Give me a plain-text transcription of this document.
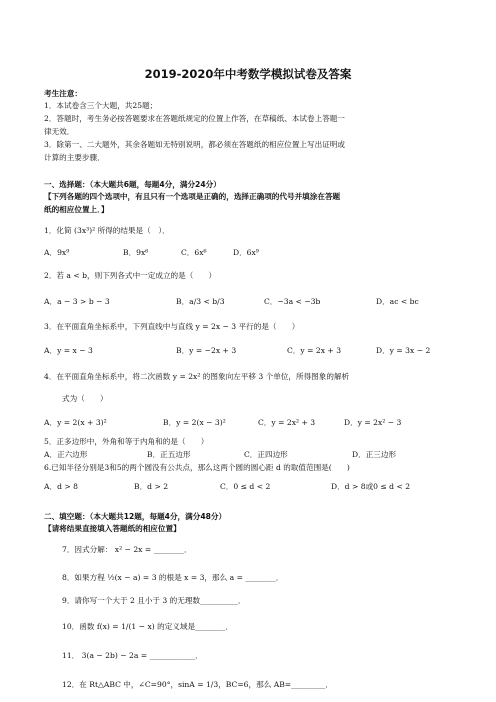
2019-2020年中考数学模拟试卷及答案
考生注意：
1．本试卷含三个大题，共25题；
2．答题时，考生务必按答题要求在答题纸规定的位置上作答，在草稿纸、本试卷上答题一
律无效．
3．除第一、二大题外，其余各题如无特别说明，都必须在答题纸的相应位置上写出证明或
计算的主要步骤．
一、选择题：（本大题共6题，每题4分，满分24分）
【下列各题的四个选项中，有且只有一个选项是正确的，选择正确项的代号并填涂在答题
纸的相应位置上．】
1．化简 (3x³)² 所得的结果是（　）．
A．9x⁹	B．9x⁶	C．6x⁶	D．6x⁹
2．若 a < b，则下列各式中一定成立的是（　　）
A．a − 3 > b − 3	B．a/3 < b/3	C．−3a < −3b	D．ac < bc
3．在平面直角坐标系中，下列直线中与直线 y = 2x − 3 平行的是（　　）
A．y = x − 3	B．y = −2x + 3	C．y = 2x + 3	D．y = 3x − 2
4．在平面直角坐标系中，将二次函数 y = 2x² 的图象向左平移 3 个单位，所得图象的解析
式为（　　）
A．y = 2(x + 3)²	B．y = 2(x − 3)²	C．y = 2x² + 3	D．y = 2x² − 3
5．正多边形中，外角和等于内角和的是（　　）
A．正六边形	B．正五边形	C．正四边形	D．正三边形
6.已知半径分别是3和5的两个圆没有公共点，那么这两个圆的圆心距 d 的取值范围是(　　)
A．d > 8	B．d > 2	C．0 ≤ d < 2	D．d > 8或0 ≤ d < 2
二、填空题：（本大题共12题，每题4分，满分48分）
【请将结果直接填入答题纸的相应位置】
7．因式分解： x² − 2x = ________．
8．如果方程 ½(x − a) = 3 的根是 x = 3，那么 a = ________．
9．请你写一个大于 2 且小于 3 的无理数__________．
10．函数 f(x) = 1/(1 − x) 的定义域是________．
11． 3(a − 2b) − 2a = ____________．
12．在 Rt△ABC 中，∠C=90°，sinA = 1/3，BC=6，那么 AB=_________．
